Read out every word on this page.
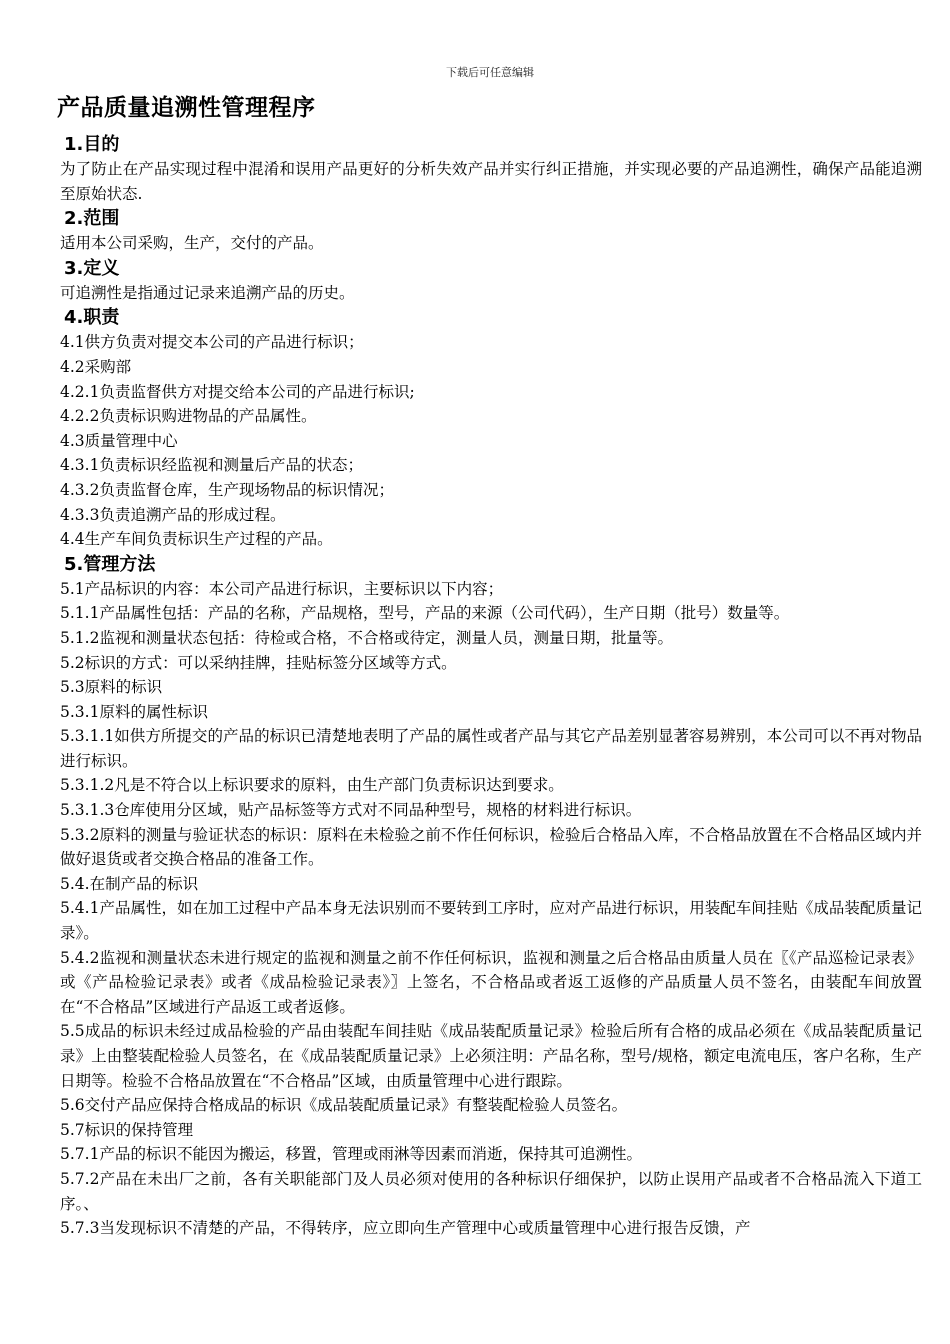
下载后可任意编辑
产品质量追溯性管理程序
1.目的

为了防止在产品实现过程中混淆和误用产品更好的分析失效产品并实行纠正措施，并实现必要的产品追溯性，确保产品能追溯至原始状态.

2.范围

适用本公司采购，生产，交付的产品。

3.定义

可追溯性是指通过记录来追溯产品的历史。

4.职责

4.1供方负责对提交本公司的产品进行标识；

4.2采购部

4.2.1负责监督供方对提交给本公司的产品进行标识;

4.2.2负责标识购进物品的产品属性。

4.3质量管理中心

4.3.1负责标识经监视和测量后产品的状态；

4.3.2负责监督仓库，生产现场物品的标识情况；

4.3.3负责追溯产品的形成过程。

4.4生产车间负责标识生产过程的产品。

5.管理方法

5.1产品标识的内容：本公司产品进行标识，主要标识以下内容；

5.1.1产品属性包括：产品的名称，产品规格，型号，产品的来源（公司代码），生产日期（批号）数量等。

5.1.2监视和测量状态包括：待检或合格，不合格或待定，测量人员，测量日期，批量等。

5.2标识的方式：可以采纳挂牌，挂贴标签分区域等方式。

5.3原料的标识

5.3.1原料的属性标识

5.3.1.1如供方所提交的产品的标识已清楚地表明了产品的属性或者产品与其它产品差别显著容易辨别，本公司可以不再对物品进行标识。

5.3.1.2凡是不符合以上标识要求的原料，由生产部门负责标识达到要求。

5.3.1.3仓库使用分区域，贴产品标签等方式对不同品种型号，规格的材料进行标识。

5.3.2原料的测量与验证状态的标识：原料在未检验之前不作任何标识，检验后合格品入库，不合格品放置在不合格品区域内并做好退货或者交换合格品的准备工作。

5.4.在制产品的标识

5.4.1产品属性，如在加工过程中产品本身无法识别而不要转到工序时，应对产品进行标识，用装配车间挂贴《成品装配质量记录》。

5.4.2监视和测量状态未进行规定的监视和测量之前不作任何标识，监视和测量之后合格品由质量人员在〖《产品巡检记录表》或《产品检验记录表》或者《成品检验记录表》〗上签名，不合格品或者返工返修的产品质量人员不签名，由装配车间放置在“不合格品”区域进行产品返工或者返修。

5.5成品的标识未经过成品检验的产品由装配车间挂贴《成品装配质量记录》检验后所有合格的成品必须在《成品装配质量记录》上由整装配检验人员签名，在《成品装配质量记录》上必须注明：产品名称，型号/规格，额定电流电压，客户名称，生产日期等。检验不合格品放置在“不合格品”区域，由质量管理中心进行跟踪。

5.6交付产品应保持合格成品的标识《成品装配质量记录》有整装配检验人员签名。

5.7标识的保持管理

5.7.1产品的标识不能因为搬运，移置，管理或雨淋等因素而消逝，保持其可追溯性。

5.7.2产品在未出厂之前，各有关职能部门及人员必须对使用的各种标识仔细保护，以防止误用产品或者不合格品流入下道工序。、

5.7.3当发现标识不清楚的产品，不得转序，应立即向生产管理中心或质量管理中心进行报告反馈，产
